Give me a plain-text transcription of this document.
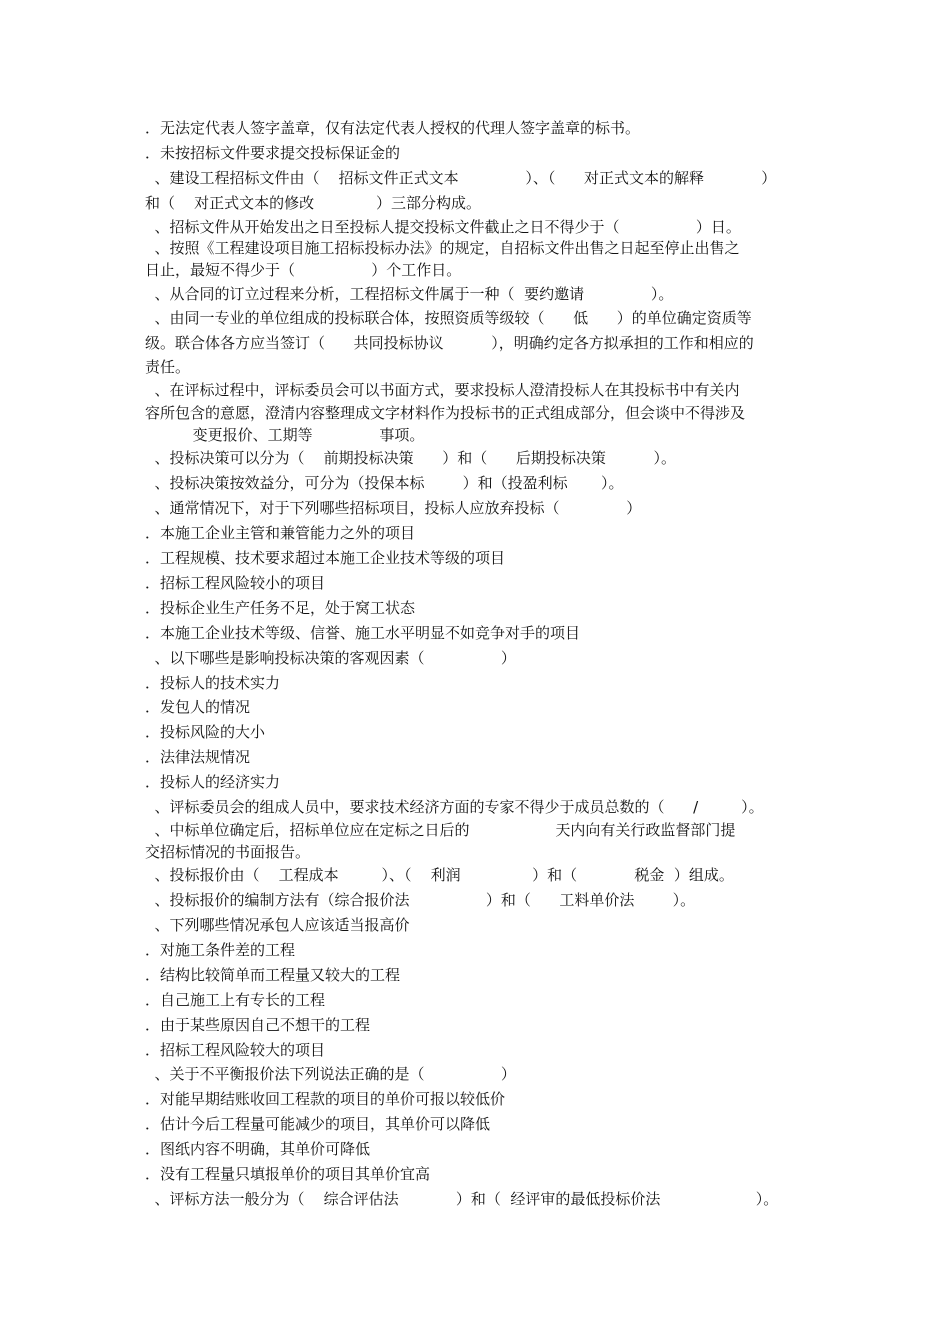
．无法定代表人签字盖章，仅有法定代表人授权的代理人签字盖章的标书。
．未按招标文件要求提交投标保证金的
、建设工程招标文件由（    招标文件正式文本              ）、（      对正式文本的解释            ）
和（    对正式文本的修改             ）三部分构成。
、招标文件从开始发出之日至投标人提交投标文件截止之日不得少于（                ）日。
、按照《工程建设项目施工招标投标办法》的规定，自招标文件出售之日起至停止出售之
日止，最短不得少于（                ）个工作日。
、从合同的订立过程来分析，工程招标文件属于一种（  要约邀请              ）。
、由同一专业的单位组成的投标联合体，按照资质等级较（      低      ）的单位确定资质等
级。联合体各方应当签订（      共同投标协议          ），明确约定各方拟承担的工作和相应的
责任。
、在评标过程中，评标委员会可以书面方式，要求投标人澄清投标人在其投标书中有关内
容所包含的意愿，澄清内容整理成文字材料作为投标书的正式组成部分，但会谈中不得涉及
变更报价、工期等              事项。
、投标决策可以分为（    前期投标决策      ）和（      后期投标决策          ）。
、投标决策按效益分，可分为（投保本标        ）和（投盈利标       ）。
、通常情况下，对于下列哪些招标项目，投标人应放弃投标（              ）
．本施工企业主管和兼管能力之外的项目
．工程规模、技术要求超过本施工企业技术等级的项目
．招标工程风险较小的项目
．投标企业生产任务不足，处于窝工状态
．本施工企业技术等级、信誉、施工水平明显不如竞争对手的项目
、以下哪些是影响投标决策的客观因素（                ）
．投标人的技术实力
．发包人的情况
．投标风险的大小
．法律法规情况
．投标人的经济实力
、评标委员会的组成人员中，要求技术经济方面的专家不得少于成员总数的（      /         ）。
、中标单位确定后，招标单位应在定标之日后的                  天内向有关行政监督部门提
交招标情况的书面报告。
、投标报价由（    工程成本         ）、（    利润               ）和（            税金  ）组成。
、投标报价的编制方法有（综合报价法                ）和（      工料单价法        ）。
、下列哪些情况承包人应该适当报高价
．对施工条件差的工程
．结构比较简单而工程量又较大的工程
．自己施工上有专长的工程
．由于某些原因自己不想干的工程
．招标工程风险较大的项目
、关于不平衡报价法下列说法正确的是（                ）
．对能早期结账收回工程款的项目的单价可报以较低价
．估计今后工程量可能减少的项目，其单价可以降低
．图纸内容不明确，其单价可降低
．没有工程量只填报单价的项目其单价宜高
、评标方法一般分为（    综合评估法            ）和（  经评审的最低投标价法                    ）。
